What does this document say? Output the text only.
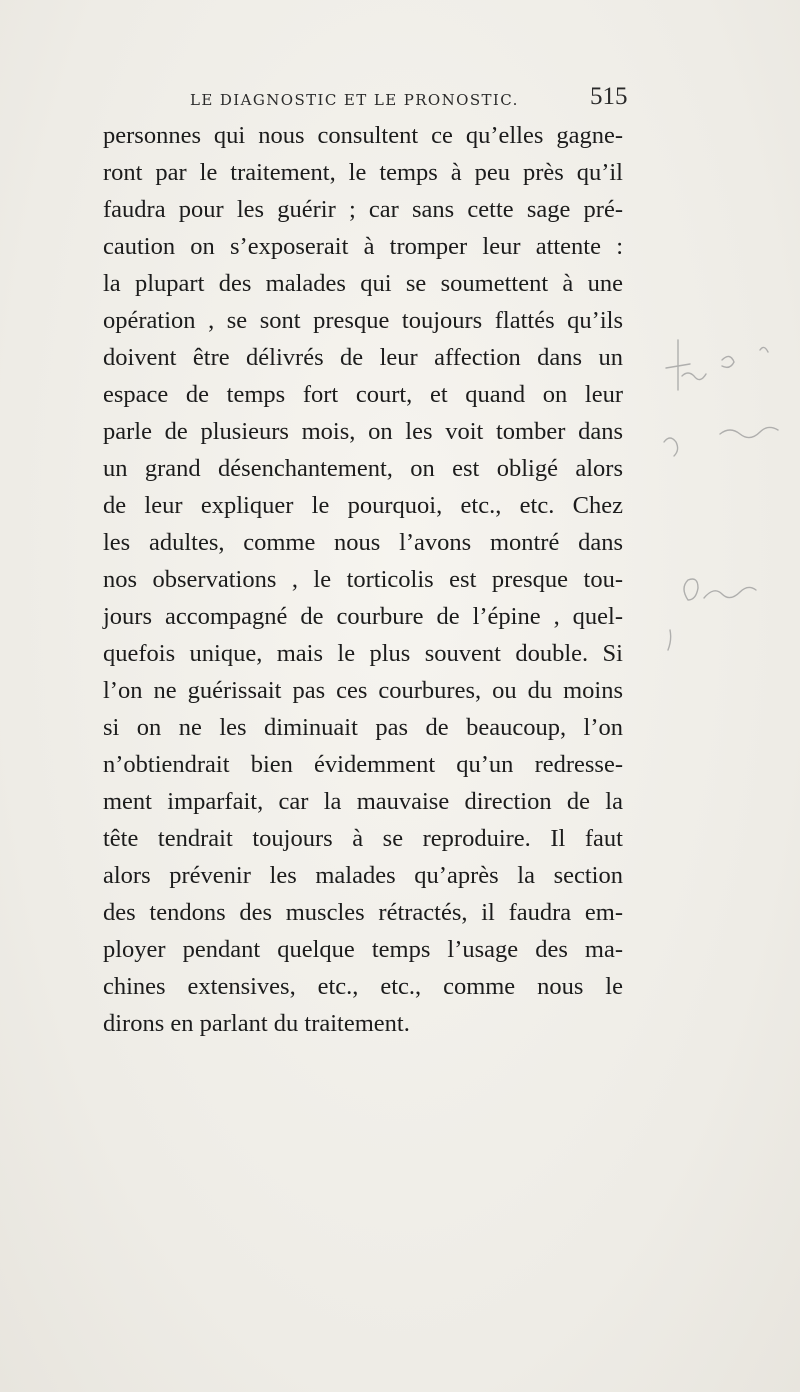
LE DIAGNOSTIC ET LE PRONOSTIC.	515
personnes qui nous consultent ce qu’elles gagne-
ront par le traitement, le temps à peu près qu’il
faudra pour les guérir ; car sans cette sage pré-
caution on s’exposerait à tromper leur attente :
la plupart des malades qui se soumettent à une
opération , se sont presque toujours flattés qu’ils
doivent être délivrés de leur affection dans un
espace de temps fort court, et quand on leur
parle de plusieurs mois, on les voit tomber dans
un grand désenchantement, on est obligé alors
de leur expliquer le pourquoi, etc., etc. Chez
les adultes, comme nous l’avons montré dans
nos observations , le torticolis est presque tou-
jours accompagné de courbure de l’épine , quel-
quefois unique, mais le plus souvent double. Si
l’on ne guérissait pas ces courbures, ou du moins
si on ne les diminuait pas de beaucoup, l’on
n’obtiendrait bien évidemment qu’un redresse-
ment imparfait, car la mauvaise direction de la
tête tendrait toujours à se reproduire. Il faut
alors prévenir les malades qu’après la section
des tendons des muscles rétractés, il faudra em-
ployer pendant quelque temps l’usage des ma-
chines extensives, etc., etc., comme nous le
dirons en parlant du traitement.
